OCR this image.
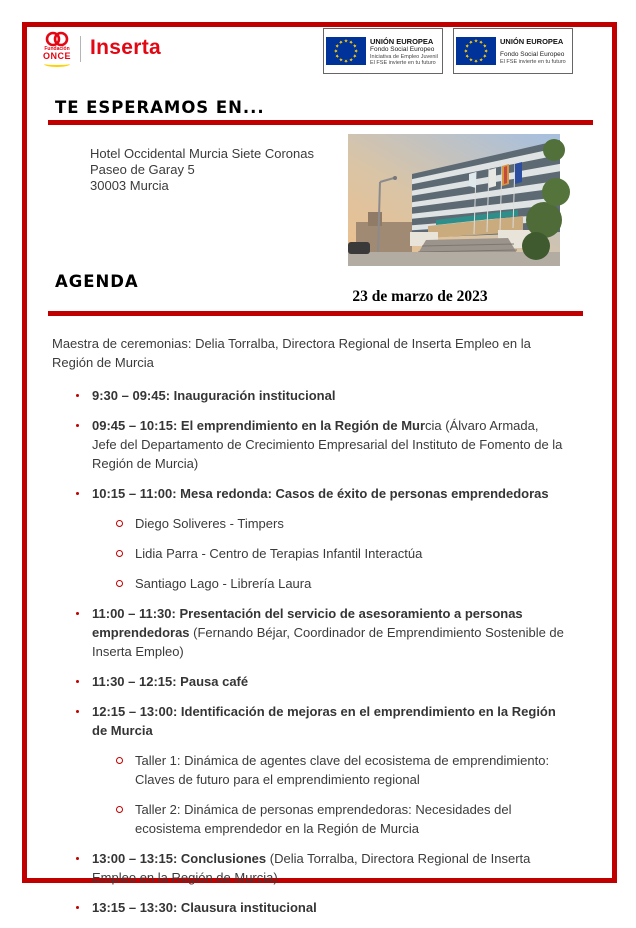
Fundación
ONCE Inserta	★ ★
★
★
★
★
★
★
★
★
★
★	UNIÓN EUROPEA
Fondo Social Europeo
Iniciativa de Empleo Juvenil
El FSE invierte en tu futuro
★ ★
★
★
★
★
★
★
★
★
★
★	UNIÓN EUROPEA
Fondo Social Europeo
El FSE invierte en tu futuro
TE ESPERAMOS EN...
Hotel Occidental Murcia Siete Coronas
Paseo de Garay 5
30003 Murcia
AGENDA
23 de marzo de 2023

Maestra de ceremonias: Delia Torralba, Directora Regional de Inserta Empleo en la Región de Murcia

9:30 – 09:45: Inauguración institucional
09:45 – 10:15: El emprendimiento en la Región de Murcia (Álvaro Armada, Jefe del Departamento de Crecimiento Empresarial del Instituto de Fomento de la Región de Murcia)
10:15 – 11:00: Mesa redonda: Casos de éxito de personas emprendedoras
Diego Soliveres - Timpers
Lidia Parra - Centro de Terapias Infantil Interactúa
Santiago Lago - Librería Laura
11:00 – 11:30: Presentación del servicio de asesoramiento a personas emprendedoras (Fernando Béjar, Coordinador de Emprendimiento Sostenible de Inserta Empleo)
11:30 – 12:15: Pausa café
12:15 – 13:00: Identificación de mejoras en el emprendimiento en la Región de Murcia
Taller 1: Dinámica de agentes clave del ecosistema de emprendimiento: Claves de futuro para el emprendimiento regional
Taller 2: Dinámica de personas emprendedoras: Necesidades del ecosistema emprendedor en la Región de Murcia
13:00 – 13:15: Conclusiones (Delia Torralba, Directora Regional de Inserta Empleo en la Región de Murcia)
13:15 – 13:30: Clausura institucional
